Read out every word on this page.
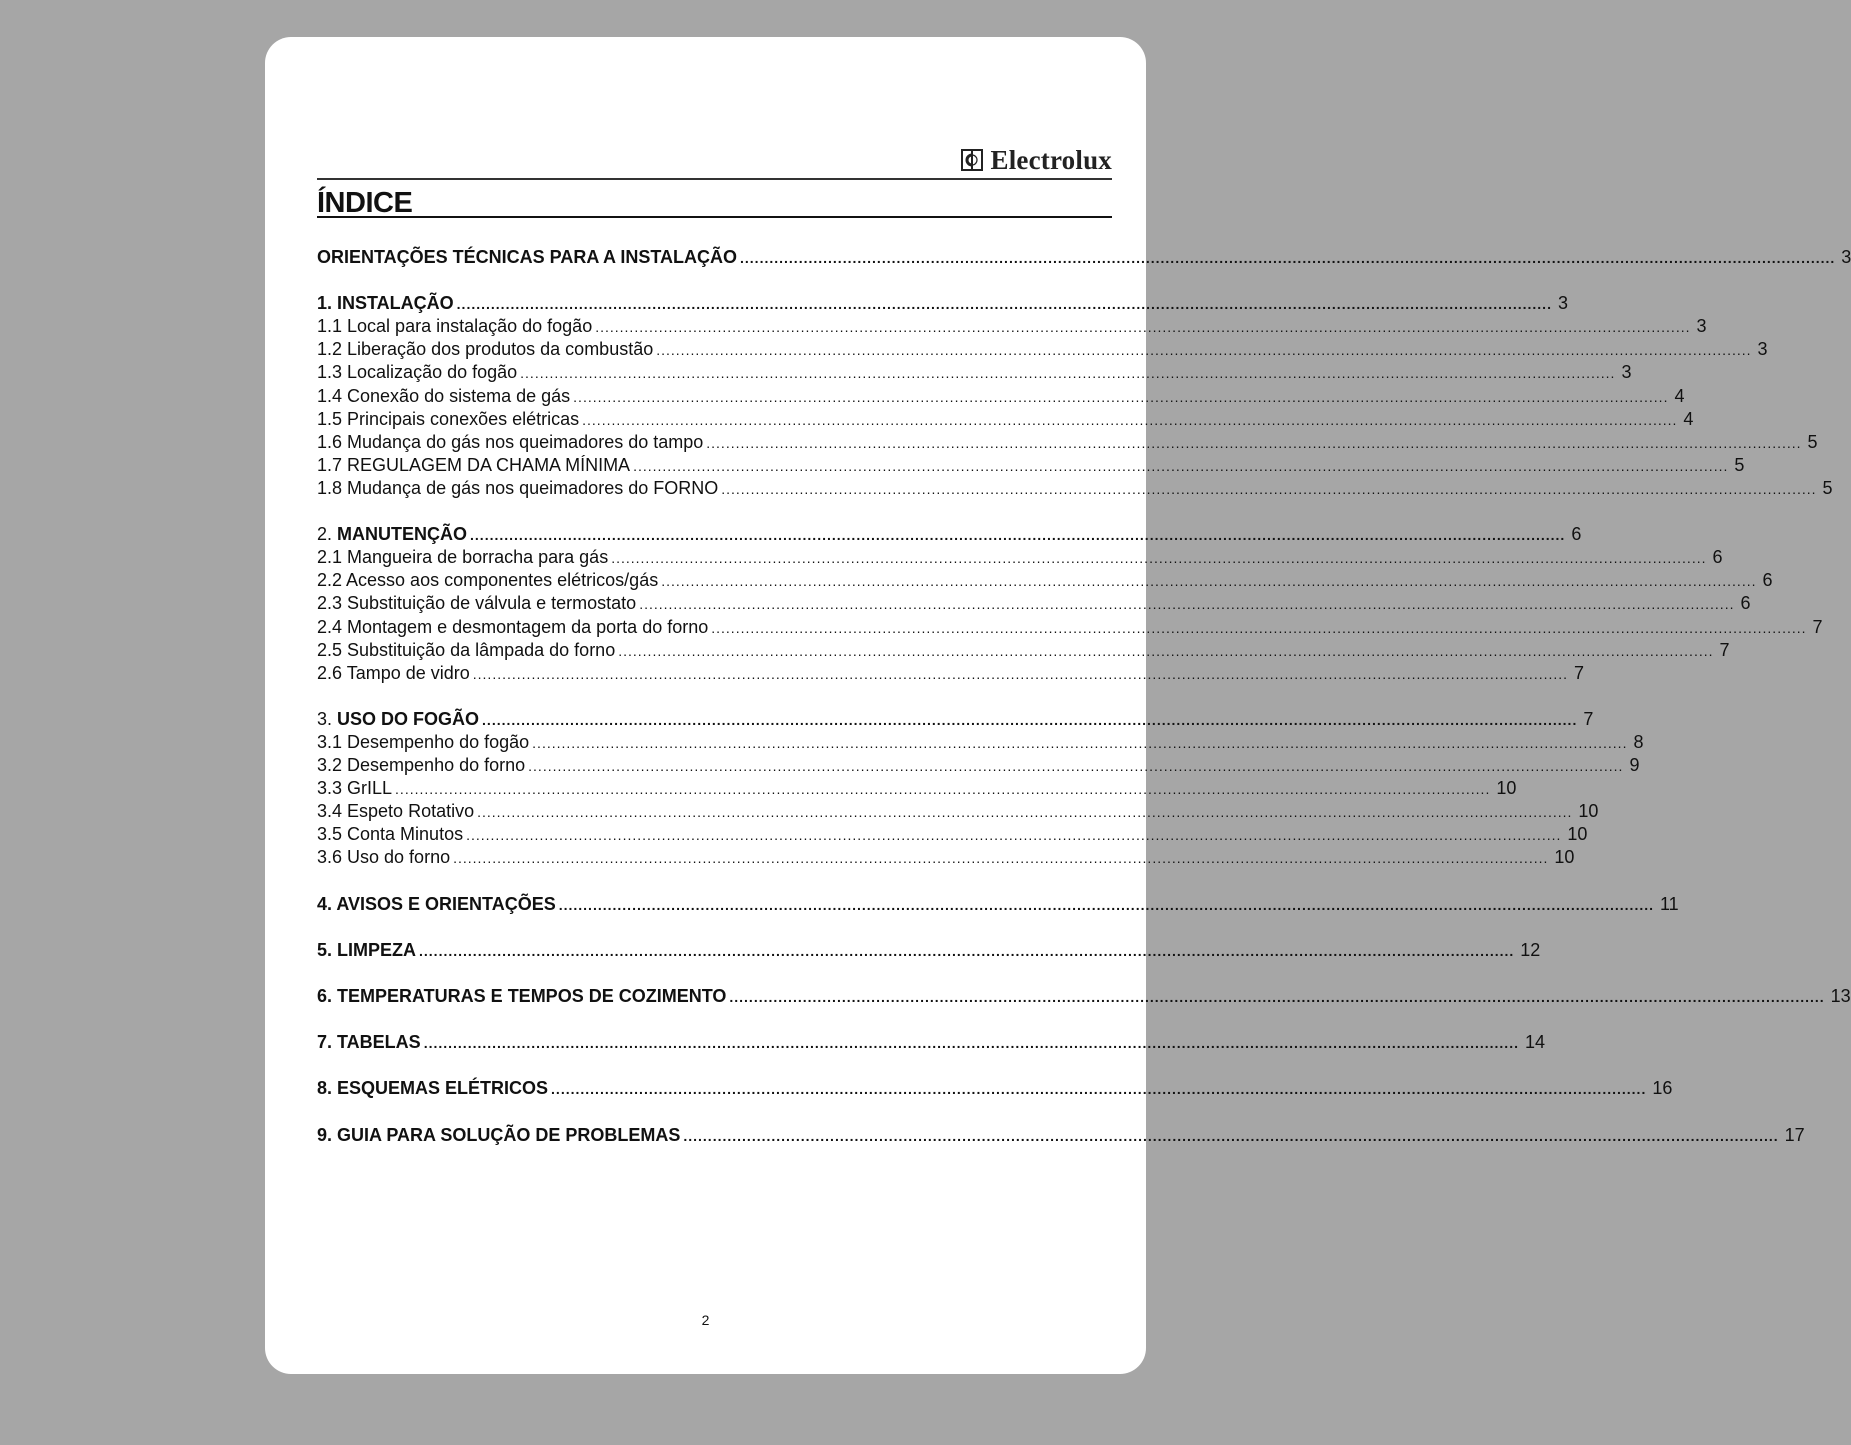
Electrolux
ÍNDICE
ORIENTAÇÕES TÉCNICAS PARA A INSTALAÇÃO ................................................................................................................................................................................................................................ 3
1. INSTALAÇÃO ................................................................................................................................................................................................................................ 3
1.1 Local para instalação do fogão ................................................................................................................................................................................................................................ 3
1.2 Liberação dos produtos da combustão ................................................................................................................................................................................................................................ 3
1.3 Localização do fogão ................................................................................................................................................................................................................................ 3
1.4 Conexão do sistema de gás ................................................................................................................................................................................................................................ 4
1.5 Principais conexões elétricas ................................................................................................................................................................................................................................ 4
1.6 Mudança do gás nos queimadores do tampo ................................................................................................................................................................................................................................ 5
1.7 REGULAGEM DA CHAMA MÍNIMA ................................................................................................................................................................................................................................ 5
1.8 Mudança de gás nos queimadores do FORNO ................................................................................................................................................................................................................................ 5
2. MANUTENÇÃO ................................................................................................................................................................................................................................ 6
2.1 Mangueira de borracha para gás ................................................................................................................................................................................................................................ 6
2.2 Acesso aos componentes elétricos/gás ................................................................................................................................................................................................................................ 6
2.3 Substituição de válvula e termostato ................................................................................................................................................................................................................................ 6
2.4 Montagem e desmontagem da porta do forno ................................................................................................................................................................................................................................ 7
2.5 Substituição da lâmpada do forno ................................................................................................................................................................................................................................ 7
2.6 Tampo de vidro ................................................................................................................................................................................................................................ 7
3. USO DO FOGÃO ................................................................................................................................................................................................................................ 7
3.1 Desempenho do fogão ................................................................................................................................................................................................................................ 8
3.2 Desempenho do forno ................................................................................................................................................................................................................................ 9
3.3 GrILL ................................................................................................................................................................................................................................ 10
3.4 Espeto Rotativo ................................................................................................................................................................................................................................ 10
3.5 Conta Minutos ................................................................................................................................................................................................................................ 10
3.6 Uso do forno ................................................................................................................................................................................................................................ 10
4. AVISOS E ORIENTAÇÕES ................................................................................................................................................................................................................................ 11
5. LIMPEZA ................................................................................................................................................................................................................................ 12
6. TEMPERATURAS E TEMPOS DE COZIMENTO ................................................................................................................................................................................................................................ 13
7. TABELAS ................................................................................................................................................................................................................................ 14
8. ESQUEMAS ELÉTRICOS ................................................................................................................................................................................................................................ 16
9. GUIA PARA SOLUÇÃO DE PROBLEMAS ................................................................................................................................................................................................................................ 17
2
